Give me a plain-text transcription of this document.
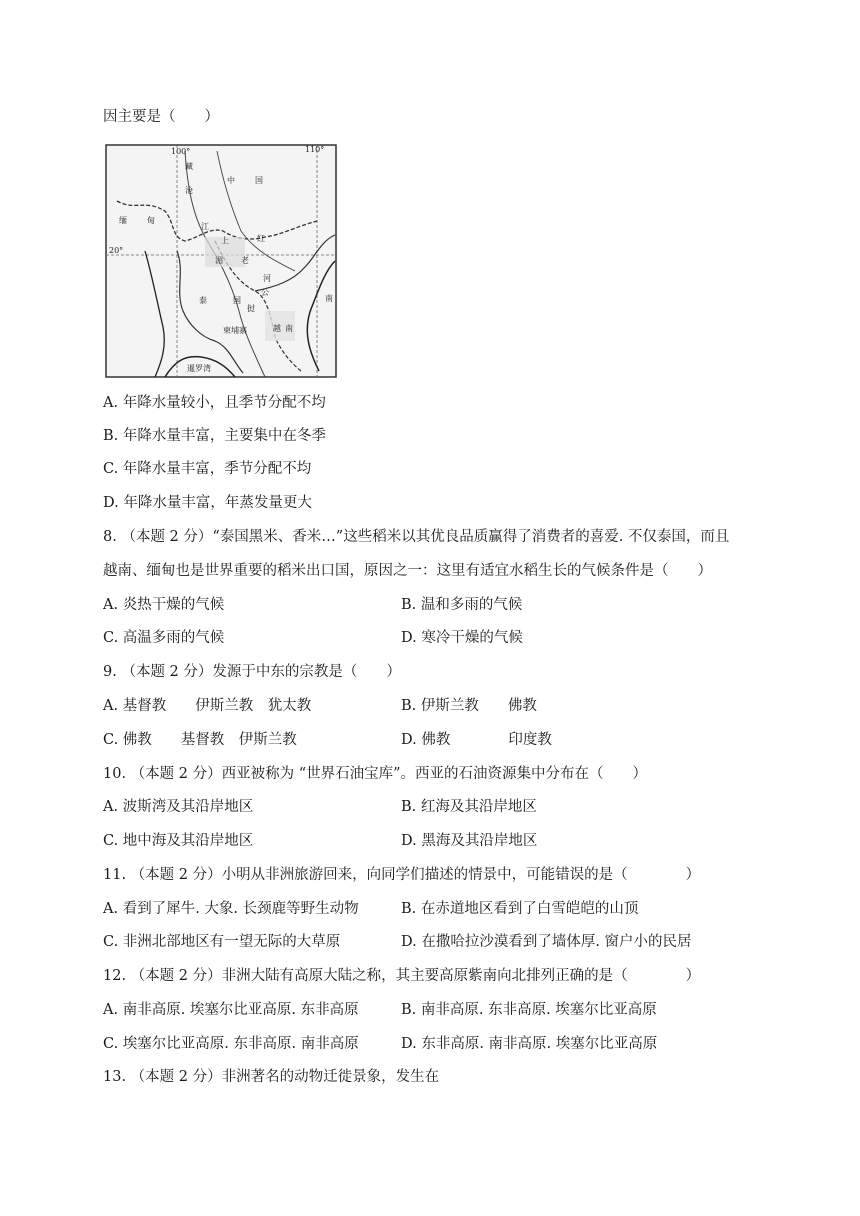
因主要是（　　）
100°	110°
20°
藏
沧
中	国
缅	甸
江
上
湄
红
老
河
泰	国
公
挝
柬埔寨	越 南
暹罗湾
南
A. 年降水量较小，且季节分配不均
B. 年降水量丰富，主要集中在冬季
C. 年降水量丰富，季节分配不均
D. 年降水量丰富，年蒸发量更大
8. （本题 2 分）“泰国黑米、香米…”这些稻米以其优良品质赢得了消费者的喜爱. 不仅泰国，而且
越南、缅甸也是世界重要的稻米出口国，原因之一：这里有适宜水稻生长的气候条件是（　　）
A. 炎热干燥的气候	B. 温和多雨的气候
C. 高温多雨的气候	D. 寒冷干燥的气候
9. （本题 2 分）发源于中东的宗教是（　　）
A. 基督教　　伊斯兰教　犹太教	B. 伊斯兰教　　佛教
C. 佛教　　基督教　伊斯兰教	D. 佛教　　　　印度教
10. （本题 2 分）西亚被称为 “世界石油宝库”。西亚的石油资源集中分布在（　　）
A. 波斯湾及其沿岸地区	B. 红海及其沿岸地区
C. 地中海及其沿岸地区	D. 黑海及其沿岸地区
11. （本题 2 分）小明从非洲旅游回来，向同学们描述的情景中，可能错误的是（　　　　）
A. 看到了犀牛. 大象. 长颈鹿等野生动物	B. 在赤道地区看到了白雪皑皑的山顶
C. 非洲北部地区有一望无际的大草原	D. 在撒哈拉沙漠看到了墙体厚. 窗户小的民居
12. （本题 2 分）非洲大陆有高原大陆之称，其主要高原紫南向北排列正确的是（　　　　）
A. 南非高原. 埃塞尔比亚高原. 东非高原	B. 南非高原. 东非高原. 埃塞尔比亚高原
C. 埃塞尔比亚高原. 东非高原. 南非高原	D. 东非高原. 南非高原. 埃塞尔比亚高原
13. （本题 2 分）非洲著名的动物迁徙景象，发生在
